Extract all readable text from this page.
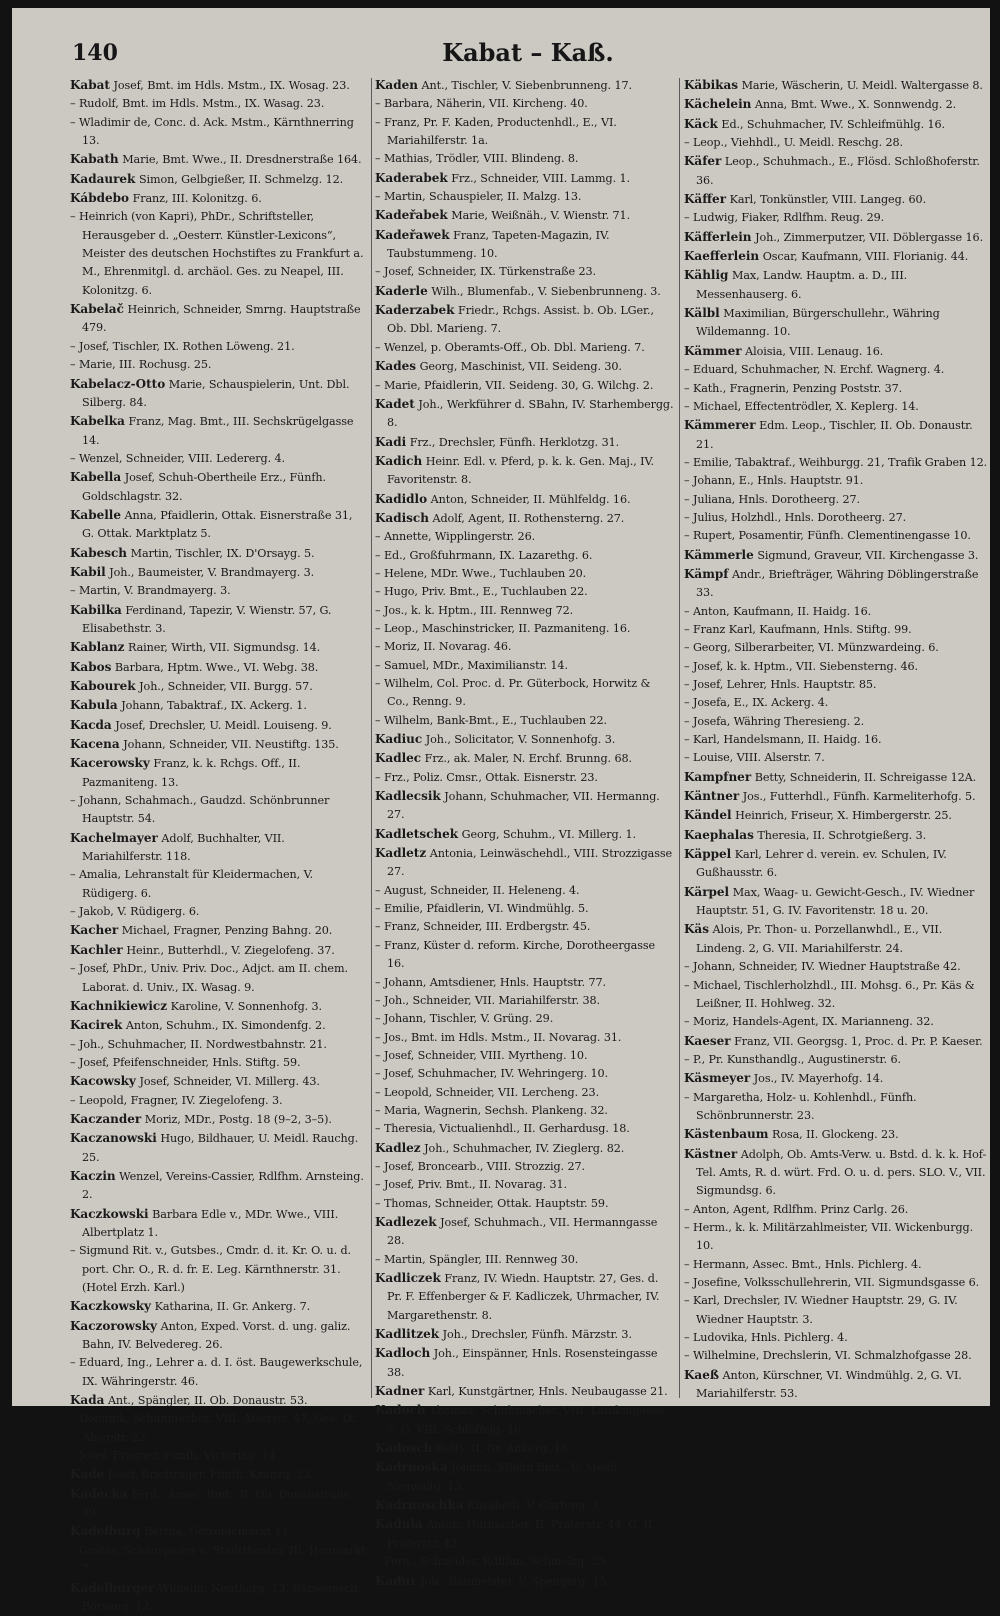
140	Kabat – Kaß.

Kabat Josef, Bmt. im Hdls. Mstm., IX. Wosag. 23.

– Rudolf, Bmt. im Hdls. Mstm., IX. Wasag. 23.

– Wladimir de, Conc. d. Ack. Mstm., Kärnthnerring 13.

Kabath Marie, Bmt. Wwe., II. Dresdnerstraße 164.

Kadaurek Simon, Gelbgießer, II. Schmelzg. 12.

Kábdebo Franz, III. Kolonitzg. 6.

– Heinrich (von Kapri), PhDr., Schriftsteller, Herausgeber d. „Oesterr. Künstler-Lexicons“, Meister des deutschen Hochstiftes zu Frankfurt a. M., Ehrenmitgl. d. archäol. Ges. zu Neapel, III. Kolonitzg. 6.

Kabelač Heinrich, Schneider, Smrng. Hauptstraße 479.

– Josef, Tischler, IX. Rothen Löweng. 21.

– Marie, III. Rochusg. 25.

Kabelacz-Otto Marie, Schauspielerin, Unt. Dbl. Silberg. 84.

Kabelka Franz, Mag. Bmt., III. Sechskrügelgasse 14.

– Wenzel, Schneider, VIII. Ledererg. 4.

Kabella Josef, Schuh-Obertheile Erz., Fünfh. Goldschlagstr. 32.

Kabelle Anna, Pfaidlerin, Ottak. Eisnerstraße 31, G. Ottak. Marktplatz 5.

Kabesch Martin, Tischler, IX. D'Orsayg. 5.

Kabil Joh., Baumeister, V. Brandmayerg. 3.

– Martin, V. Brandmayerg. 3.

Kabilka Ferdinand, Tapezir, V. Wienstr. 57, G. Elisabethstr. 3.

Kablanz Rainer, Wirth, VII. Sigmundsg. 14.

Kabos Barbara, Hptm. Wwe., VI. Webg. 38.

Kabourek Joh., Schneider, VII. Burgg. 57.

Kabula Johann, Tabaktraf., IX. Ackerg. 1.

Kacda Josef, Drechsler, U. Meidl. Louiseng. 9.

Kacena Johann, Schneider, VII. Neustiftg. 135.

Kacerowsky Franz, k. k. Rchgs. Off., II. Pazmaniteng. 13.

– Johann, Schahmach., Gaudzd. Schönbrunner Hauptstr. 54.

Kachelmayer Adolf, Buchhalter, VII. Mariahilferstr. 118.

– Amalia, Lehranstalt für Kleidermachen, V. Rüdigerg. 6.

– Jakob, V. Rüdigerg. 6.

Kacher Michael, Fragner, Penzing Bahng. 20.

Kachler Heinr., Butterhdl., V. Ziegelofeng. 37.

– Josef, PhDr., Univ. Priv. Doc., Adjct. am II. chem. Laborat. d. Univ., IX. Wasag. 9.

Kachnikiewicz Karoline, V. Sonnenhofg. 3.

Kacirek Anton, Schuhm., IX. Simondenfg. 2.

– Joh., Schuhmacher, II. Nordwestbahnstr. 21.

– Josef, Pfeifenschneider, Hnls. Stiftg. 59.

Kacowsky Josef, Schneider, VI. Millerg. 43.

– Leopold, Fragner, IV. Ziegelofeng. 3.

Kaczander Moriz, MDr., Postg. 18 (9–2, 3–5).

Kaczanowski Hugo, Bildhauer, U. Meidl. Rauchg. 25.

Kaczin Wenzel, Vereins-Cassier, Rdlfhm. Arnsteing. 2.

Kaczkowski Barbara Edle v., MDr. Wwe., VIII. Albertplatz 1.

– Sigmund Rit. v., Gutsbes., Cmdr. d. it. Kr. O. u. d. port. Chr. O., R. d. fr. E. Leg. Kärnthnerstr. 31. (Hotel Erzh. Karl.)

Kaczkowsky Katharina, II. Gr. Ankerg. 7.

Kaczorowsky Anton, Exped. Vorst. d. ung. galiz. Bahn, IV. Belvedereg. 26.

– Eduard, Ing., Lehrer a. d. I. öst. Baugewerkschule, IX. Währingerstr. 46.

Kada Ant., Spängler, II. Ob. Donaustr. 53.

– Dominik, Schuhmacher, VIII. Alserstr. 47, Ges. IX. Alserstr. 22.

– Josef, Fragner, Fünfh. Victoriag. 14.

Kade Josef, Briefträger, Fünfh. Kranzg. 23.

Kadecka Ferd., Assec. Bmt., II. Ob. Donaustraße 49.

Kadelburg Bertha, Getreidemarkt 11.

– Gustav, Schauspieler a. Stadttheater, III. Heumarkt 7.

Kadelburger Wilhelm, Neuthorg. 13, Börsegesch. Börseng. 12.

Kaden Ant., Tischler, V. Siebenbrunneng. 17.

– Barbara, Näherin, VII. Kircheng. 40.

– Franz, Pr. F. Kaden, Productenhdl., E., VI. Mariahilferstr. 1a.

– Mathias, Trödler, VIII. Blindeng. 8.

Kaderabek Frz., Schneider, VIII. Lammg. 1.

– Martin, Schauspieler, II. Malzg. 13.

Kadeřabek Marie, Weißnäh., V. Wienstr. 71.

Kadeřawek Franz, Tapeten-Magazin, IV. Taubstummeng. 10.

– Josef, Schneider, IX. Türkenstraße 23.

Kaderle Wilh., Blumenfab., V. Siebenbrunneng. 3.

Kaderzabek Friedr., Rchgs. Assist. b. Ob. LGer., Ob. Dbl. Marieng. 7.

– Wenzel, p. Oberamts-Off., Ob. Dbl. Marieng. 7.

Kades Georg, Maschinist, VII. Seideng. 30.

– Marie, Pfaidlerin, VII. Seideng. 30, G. Wilchg. 2.

Kadet Joh., Werkführer d. SBahn, IV. Starhembergg. 8.

Kadi Frz., Drechsler, Fünfh. Herklotzg. 31.

Kadich Heinr. Edl. v. Pferd, p. k. k. Gen. Maj., IV. Favoritenstr. 8.

Kadidlo Anton, Schneider, II. Mühlfeldg. 16.

Kadisch Adolf, Agent, II. Rothensterng. 27.

– Annette, Wipplingerstr. 26.

– Ed., Großfuhrmann, IX. Lazarethg. 6.

– Helene, MDr. Wwe., Tuchlauben 20.

– Hugo, Priv. Bmt., E., Tuchlauben 22.

– Jos., k. k. Hptm., III. Rennweg 72.

– Leop., Maschinstricker, II. Pazmaniteng. 16.

– Moriz, II. Novarag. 46.

– Samuel, MDr., Maximilianstr. 14.

– Wilhelm, Col. Proc. d. Pr. Güterbock, Horwitz & Co., Renng. 9.

– Wilhelm, Bank-Bmt., E., Tuchlauben 22.

Kadiuc Joh., Solicitator, V. Sonnenhofg. 3.

Kadlec Frz., ak. Maler, N. Erchf. Brunng. 68.

– Frz., Poliz. Cmsr., Ottak. Eisnerstr. 23.

Kadlecsik Johann, Schuhmacher, VII. Hermanng. 27.

Kadletschek Georg, Schuhm., VI. Millerg. 1.

Kadletz Antonia, Leinwäschehdl., VIII. Strozzigasse 27.

– August, Schneider, II. Heleneng. 4.

– Emilie, Pfaidlerin, VI. Windmühlg. 5.

– Franz, Schneider, III. Erdbergstr. 45.

– Franz, Küster d. reform. Kirche, Dorotheergasse 16.

– Johann, Amtsdiener, Hnls. Hauptstr. 77.

– Joh., Schneider, VII. Mariahilferstr. 38.

– Johann, Tischler, V. Grüng. 29.

– Jos., Bmt. im Hdls. Mstm., II. Novarag. 31.

– Josef, Schneider, VIII. Myrtheng. 10.

– Josef, Schuhmacher, IV. Wehringerg. 10.

– Leopold, Schneider, VII. Lercheng. 23.

– Maria, Wagnerin, Sechsh. Plankeng. 32.

– Theresia, Victualienhdl., II. Gerhardusg. 18.

Kadlez Joh., Schuhmacher, IV. Zieglerg. 82.

– Josef, Broncearb., VIII. Strozzig. 27.

– Josef, Priv. Bmt., II. Novarag. 31.

– Thomas, Schneider, Ottak. Hauptstr. 59.

Kadlezek Josef, Schuhmach., VII. Hermanngasse 28.

– Martin, Spängler, III. Rennweg 30.

Kadliczek Franz, IV. Wiedn. Hauptstr. 27, Ges. d. Pr. F. Effenberger & F. Kadliczek, Uhrmacher, IV. Margarethenstr. 8.

Kadlitzek Joh., Drechsler, Fünfh. Märzstr. 3.

Kadloch Joh., Einspänner, Hnls. Rosensteingasse 38.

Kadner Karl, Kunstgärtner, Hnls. Neubaugasse 21.

Kadoch Thomas, Schuhmacher, VIII. Laudongasse 7, G. VIII. Schlöffelg. 16.

Kadosch Betty, II. Gr. Ankerg. 18.

Kadrnoska Johann, SBahn Bmt., U. Meidl. Neuwallg. 13.

Kadrnoschka Elisabeth, V. Garteng. 1.

Kadula Anton, Hutmacher, II. Praterstr. 44, G. II. Praterstr. 42.

– Ferd., Schneider, Rdlfhm. Schmelzg. 25.

Kadur Joh., Baumeister, V. Spengerg. 15.

Käbikas Marie, Wäscherin, U. Meidl. Waltergasse 8.

Kächelein Anna, Bmt. Wwe., X. Sonnwendg. 2.

Käck Ed., Schuhmacher, IV. Schleifmühlg. 16.

– Leop., Viehhdl., U. Meidl. Reschg. 28.

Käfer Leop., Schuhmach., E., Flösd. Schloßhoferstr. 36.

Käffer Karl, Tonkünstler, VIII. Langeg. 60.

– Ludwig, Fiaker, Rdlfhm. Reug. 29.

Käfferlein Joh., Zimmerputzer, VII. Döblergasse 16.

Kaefferlein Oscar, Kaufmann, VIII. Florianig. 44.

Kählig Max, Landw. Hauptm. a. D., III. Messenhauserg. 6.

Kälbl Maximilian, Bürgerschullehr., Währing Wildemanng. 10.

Kämmer Aloisia, VIII. Lenaug. 16.

– Eduard, Schuhmacher, N. Erchf. Wagnerg. 4.

– Kath., Fragnerin, Penzing Poststr. 37.

– Michael, Effectentrödler, X. Keplerg. 14.

Kämmerer Edm. Leop., Tischler, II. Ob. Donaustr. 21.

– Emilie, Tabaktraf., Weihburgg. 21, Trafik Graben 12.

– Johann, E., Hnls. Hauptstr. 91.

– Juliana, Hnls. Dorotheerg. 27.

– Julius, Holzhdl., Hnls. Dorotheerg. 27.

– Rupert, Posamentir, Fünfh. Clementinengasse 10.

Kämmerle Sigmund, Graveur, VII. Kirchengasse 3.

Kämpf Andr., Briefträger, Währing Döblingerstraße 33.

– Anton, Kaufmann, II. Haidg. 16.

– Franz Karl, Kaufmann, Hnls. Stiftg. 99.

– Georg, Silberarbeiter, VI. Münzwardeing. 6.

– Josef, k. k. Hptm., VII. Siebensterng. 46.

– Josef, Lehrer, Hnls. Hauptstr. 85.

– Josefa, E., IX. Ackerg. 4.

– Josefa, Währing Theresieng. 2.

– Karl, Handelsmann, II. Haidg. 16.

– Louise, VIII. Alserstr. 7.

Kampfner Betty, Schneiderin, II. Schreigasse 12A.

Käntner Jos., Futterhdl., Fünfh. Karmeliterhofg. 5.

Kändel Heinrich, Friseur, X. Himbergerstr. 25.

Kaephalas Theresia, II. Schrotgießerg. 3.

Käppel Karl, Lehrer d. verein. ev. Schulen, IV. Gußhausstr. 6.

Kärpel Max, Waag- u. Gewicht-Gesch., IV. Wiedner Hauptstr. 51, G. IV. Favoritenstr. 18 u. 20.

Käs Alois, Pr. Thon- u. Porzellanwhdl., E., VII. Lindeng. 2, G. VII. Mariahilferstr. 24.

– Johann, Schneider, IV. Wiedner Hauptstraße 42.

– Michael, Tischlerholzhdl., III. Mohsg. 6., Pr. Käs & Leißner, II. Hohlweg. 32.

– Moriz, Handels-Agent, IX. Marianneng. 32.

Kaeser Franz, VII. Georgsg. 1, Proc. d. Pr. P. Kaeser.

– P., Pr. Kunsthandlg., Augustinerstr. 6.

Käsmeyer Jos., IV. Mayerhofg. 14.

– Margaretha, Holz- u. Kohlenhdl., Fünfh. Schönbrunnerstr. 23.

Kästenbaum Rosa, II. Glockeng. 23.

Kästner Adolph, Ob. Amts-Verw. u. Bstd. d. k. k. Hof-Tel. Amts, R. d. würt. Frd. O. u. d. pers. SLO. V., VII. Sigmundsg. 6.

– Anton, Agent, Rdlfhm. Prinz Carlg. 26.

– Herm., k. k. Militärzahlmeister, VII. Wickenburgg. 10.

– Hermann, Assec. Bmt., Hnls. Pichlerg. 4.

– Josefine, Volksschullehrerin, VII. Sigmundsgasse 6.

– Karl, Drechsler, IV. Wiedner Hauptstr. 29, G. IV. Wiedner Hauptstr. 3.

– Ludovika, Hnls. Pichlerg. 4.

– Wilhelmine, Drechslerin, VI. Schmalzhofgasse 28.

Kaeß Anton, Kürschner, VI. Windmühlg. 2, G. VI. Mariahilferstr. 53.
